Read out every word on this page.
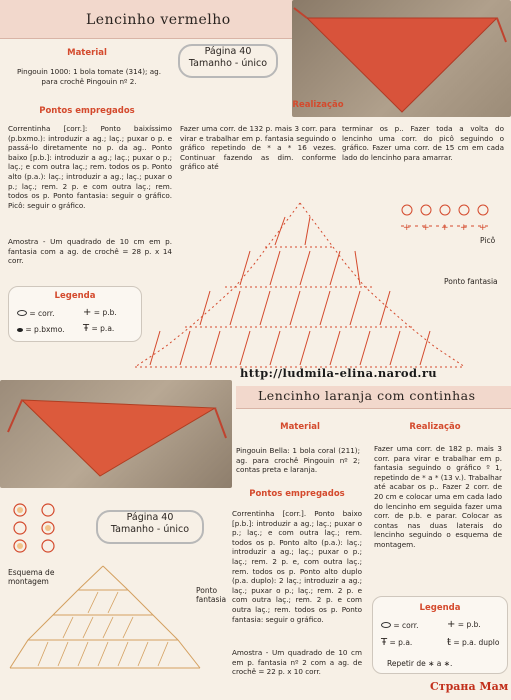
Lencinho vermelho
Material
Pingouin 1000: 1 bola tomate (314); ag. para crochê Pingouin nº 2.
Pontos empregados
Correntinha [corr.]: Ponto baixíssimo (p.bxmo.): introduzir a ag.; laç.; puxar o p. e passá-lo diretamente no p. da ag.. Ponto baixo [p.b.]: introduzir a ag.; laç.; puxar o p.; laç.; e com outra laç.; rem. todos os p. Ponto alto (p.a.): laç.; introduzir a ag.; laç.; puxar o p.; laç.; rem. 2 p. e com outra laç.; rem. todos os p. Ponto fantasia: seguir o gráfico. Picô: seguir o gráfico.
Amostra - Um quadrado de 10 cm em p. fantasia com a ag. de crochê = 28 p. x 14 corr.
Página 40
Tamanho - único
Realização
Fazer uma corr. de 132 p. mais 3 corr. para virar e trabalhar em p. fantasia seguindo o gráfico repetindo de * a * 16 vezes. Continuar fazendo as dim. conforme gráfico até
terminar os p.. Fazer toda a volta do lencinho uma corr. do picô seguindo o gráfico. Fazer uma corr. de 15 cm em cada lado do lencinho para amarrar.
+ + + + +
Picô
Ponto fantasia
Legenda
= corr.	+ = p.b.
= p.bxmo. Ŧ = p.a.
http://ludmila-elina.narod.ru
Lencinho laranja com continhas
Material
Pingouin Bella: 1 bola coral (211); ag. para crochê Pingouin nº 2; contas preta e laranja.
Pontos empregados
Correntinha [corr.]. Ponto baixo [p.b.]: introduzir a ag.; laç.; puxar o p.; laç.; e com outra laç.; rem. todos os p. Ponto alto (p.a.): laç.; introduzir a ag.; laç.; puxar o p.; laç.; rem. 2 p. e, com outra laç.; rem. todos os p. Ponto alto duplo (p.a. duplo): 2 laç.; introduzir a ag.; laç.; puxar o p.; laç.; rem. 2 p. e com outra laç.; rem. 2 p. e com outra laç.; rem. todos os p. Ponto fantasia: seguir o gráfico.
Amostra - Um quadrado de 10 cm em p. fantasia nº 2 com a ag. de crochê = 22 p. x 10 corr.
Realização
Fazer uma corr. de 182 p. mais 3 corr. para virar e trabalhar em p. fantasia seguindo o gráfico º 1, repetindo de * a * (13 v.). Trabalhar até acabar os p.. Fazer 2 corr. de 20 cm e colocar uma em cada lado do lencinho em seguida fazer uma corr. de p.b. e parar. Colocar as contas nas duas laterais do lencinho seguindo o esquema de montagem.
Esquema de montagem
Página 40
Tamanho - único
Ponto fantasia
Legenda
= corr.	+ = p.b.
Ŧ = p.a.	ŧ = p.a. duplo
Repetir de ∗ a ∗.
Страна Мам
